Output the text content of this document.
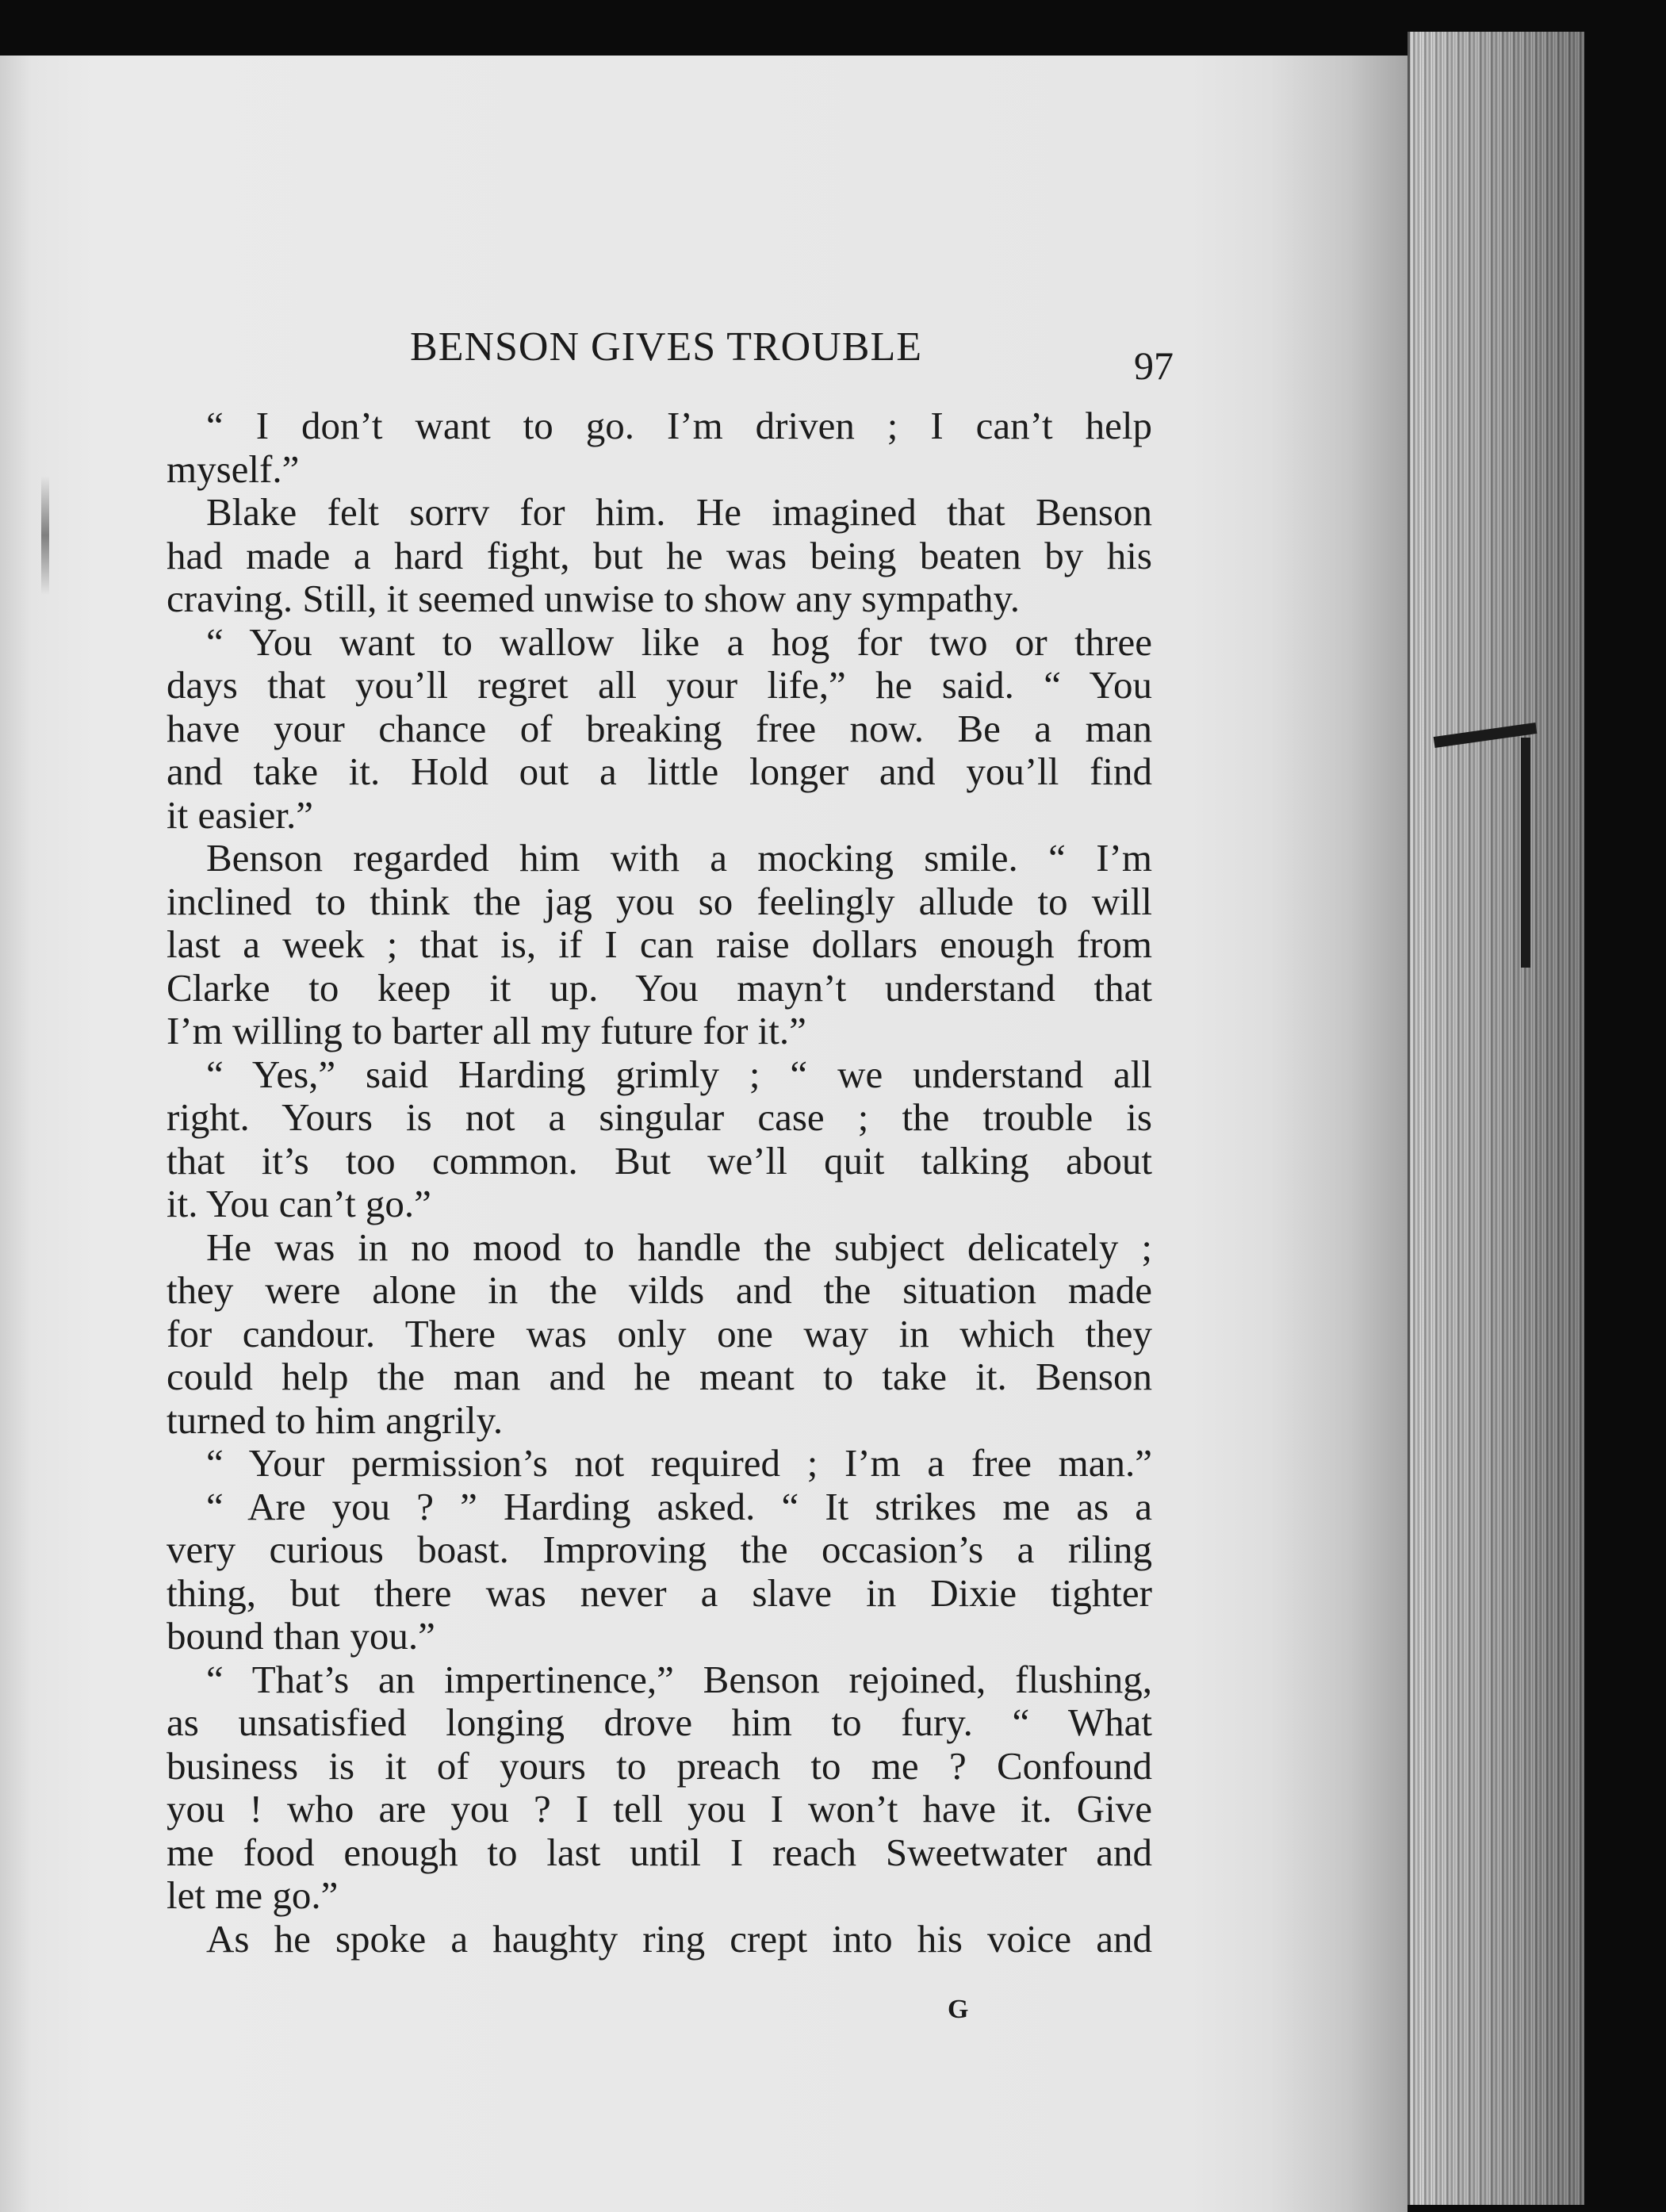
BENSON GIVES TROUBLE	97
“ I don’t want to go. I’m driven ; I can’t help
myself.”
Blake felt sorrv for him. He imagined that Benson
had made a hard fight, but he was being beaten by his
craving. Still, it seemed unwise to show any sympathy.
“ You want to wallow like a hog for two or three
days that you’ll regret all your life,” he said. “ You
have your chance of breaking free now. Be a man
and take it. Hold out a little longer and you’ll find
it easier.”
Benson regarded him with a mocking smile. “ I’m
inclined to think the jag you so feelingly allude to will
last a week ; that is, if I can raise dollars enough from
Clarke to keep it up. You mayn’t understand that
I’m willing to barter all my future for it.”
“ Yes,” said Harding grimly ; “ we understand all
right. Yours is not a singular case ; the trouble is
that it’s too common. But we’ll quit talking about
it. You can’t go.”
He was in no mood to handle the subject delicately ;
they were alone in the vilds and the situation made
for candour. There was only one way in which they
could help the man and he meant to take it. Benson
turned to him angrily.
“ Your permission’s not required ; I’m a free man.”
“ Are you ? ” Harding asked. “ It strikes me as a
very curious boast. Improving the occasion’s a riling
thing, but there was never a slave in Dixie tighter
bound than you.”
“ That’s an impertinence,” Benson rejoined, flushing,
as unsatisfied longing drove him to fury. “ What
business is it of yours to preach to me ? Confound
you ! who are you ? I tell you I won’t have it. Give
me food enough to last until I reach Sweetwater and
let me go.”
As he spoke a haughty ring crept into his voice and
G
